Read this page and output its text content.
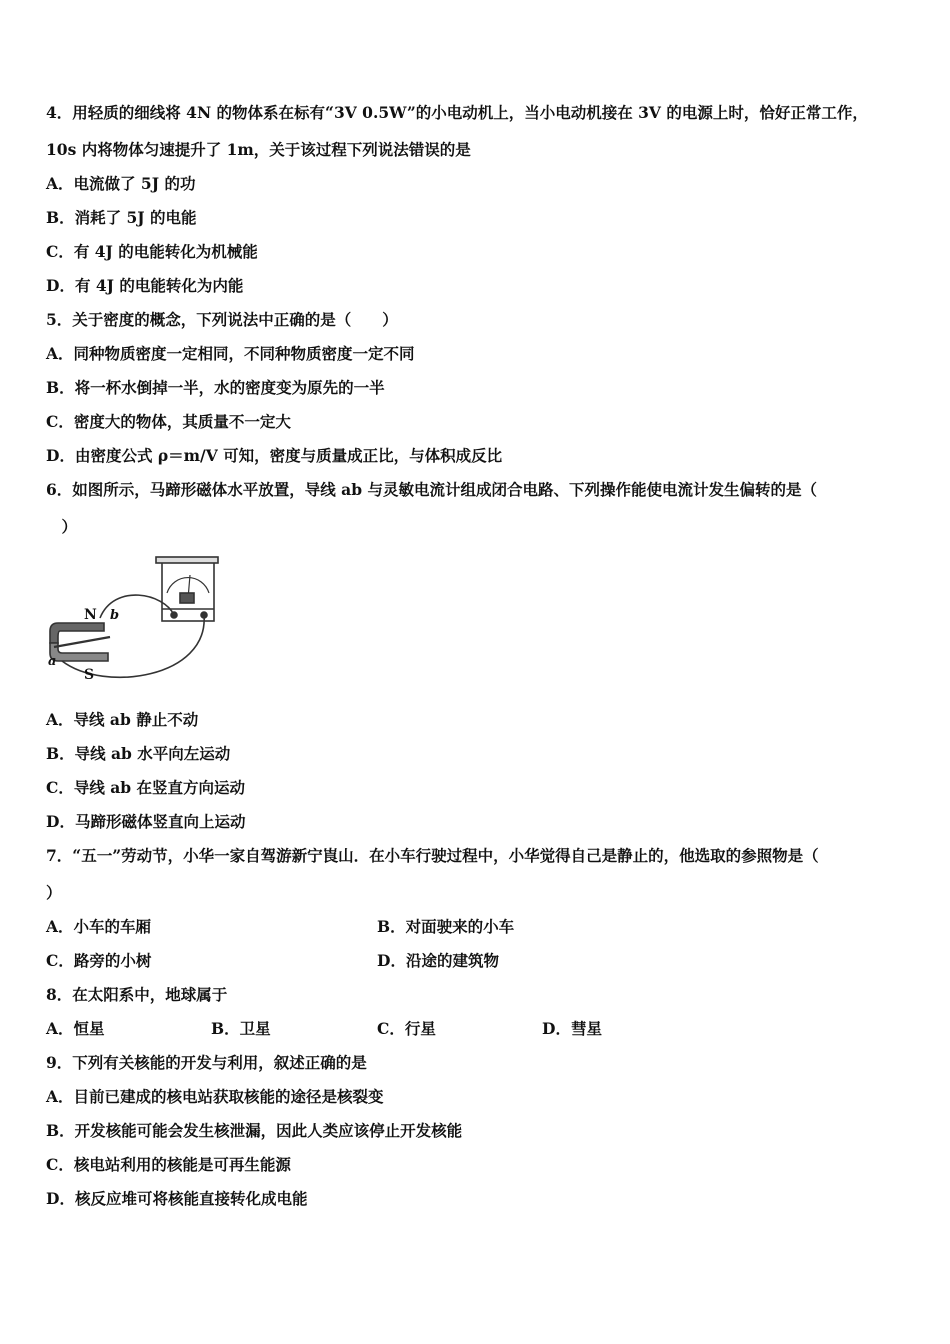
4．用轻质的细线将 4N 的物体系在标有“3V 0.5W”的小电动机上，当小电动机接在 3V 的电源上时，恰好正常工作，
10s 内将物体匀速提升了 1m，关于该过程下列说法错误的是
A．电流做了 5J 的功
B．消耗了 5J 的电能
C．有 4J 的电能转化为机械能
D．有 4J 的电能转化为内能
5．关于密度的概念，下列说法中正确的是（　　）
A．同种物质密度一定相同，不同种物质密度一定不同
B．将一杯水倒掉一半，水的密度变为原先的一半
C．密度大的物体，其质量不一定大
D．由密度公式 ρ＝m/V 可知，密度与质量成正比，与体积成反比
6．如图所示，马蹄形磁体水平放置，导线 ab 与灵敏电流计组成闭合电路、下列操作能使电流计发生偏转的是（
　）
N
S
a
b
A．导线 ab 静止不动
B．导线 ab 水平向左运动
C．导线 ab 在竖直方向运动
D．马蹄形磁体竖直向上运动
7．“五一”劳动节，小华一家自驾游新宁崀山．在小车行驶过程中，小华觉得自己是静止的，他选取的参照物是（
）
A．小车的车厢	B．对面驶来的小车
C．路旁的小树	D．沿途的建筑物
8．在太阳系中，地球属于
A．恒星	B．卫星	C．行星	D．彗星
9．下列有关核能的开发与利用，叙述正确的是
A．目前已建成的核电站获取核能的途径是核裂变
B．开发核能可能会发生核泄漏，因此人类应该停止开发核能
C．核电站利用的核能是可再生能源
D．核反应堆可将核能直接转化成电能
